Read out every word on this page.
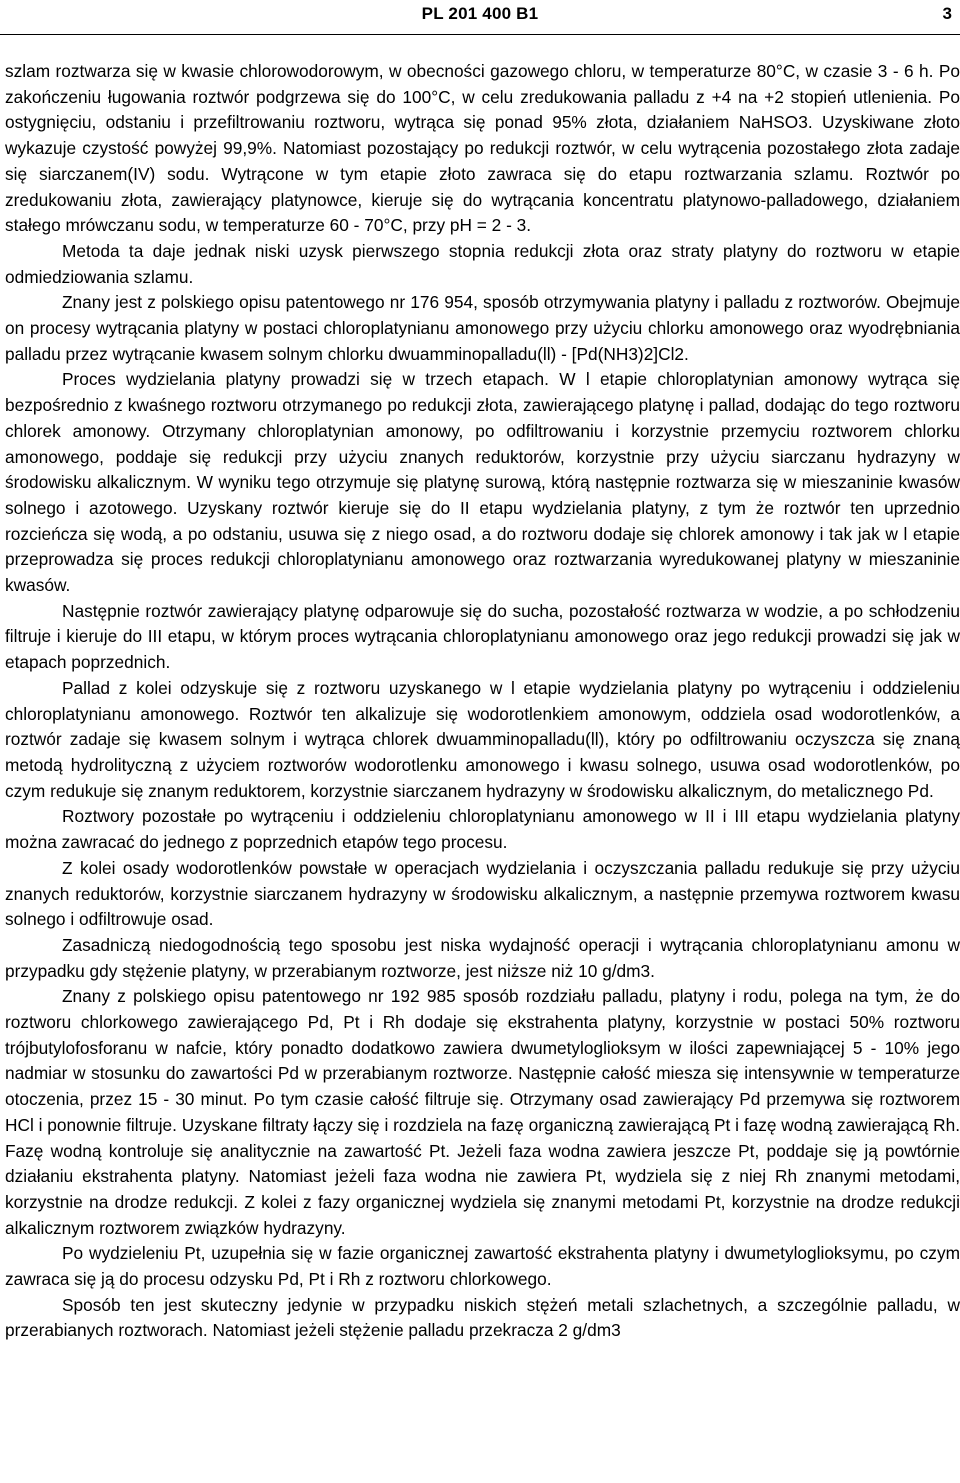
PL 201 400 B1	3

szlam roztwarza się w kwasie chlorowodorowym, w obecności gazowego chloru, w temperaturze 80°C, w czasie 3 - 6 h. Po zakończeniu ługowania roztwór podgrzewa się do 100°C, w celu zredukowania palladu z +4 na +2 stopień utlenienia. Po ostygnięciu, odstaniu i przefiltrowaniu roztworu, wytrąca się ponad 95% złota, działaniem NaHSO3. Uzyskiwane złoto wykazuje czystość powyżej 99,9%. Natomiast pozostający po redukcji roztwór, w celu wytrącenia pozostałego złota zadaje się siarczanem(IV) sodu. Wytrącone w tym etapie złoto zawraca się do etapu roztwarzania szlamu. Roztwór po zredukowaniu złota, zawierający platynowce, kieruje się do wytrącania koncentratu platynowo-palladowego, działaniem stałego mrówczanu sodu, w temperaturze 60 - 70°C, przy pH = 2 - 3.

Metoda ta daje jednak niski uzysk pierwszego stopnia redukcji złota oraz straty platyny do roztworu w etapie odmiedziowania szlamu.

Znany jest z polskiego opisu patentowego nr 176 954, sposób otrzymywania platyny i palladu z roztworów. Obejmuje on procesy wytrącania platyny w postaci chloroplatynianu amonowego przy użyciu chlorku amonowego oraz wyodrębniania palladu przez wytrącanie kwasem solnym chlorku dwuamminopalladu(ll) - [Pd(NH3)2]Cl2.

Proces wydzielania platyny prowadzi się w trzech etapach. W l etapie chloroplatynian amonowy wytrąca się bezpośrednio z kwaśnego roztworu otrzymanego po redukcji złota, zawierającego platynę i pallad, dodając do tego roztworu chlorek amonowy. Otrzymany chloroplatynian amonowy, po odfiltrowaniu i korzystnie przemyciu roztworem chlorku amonowego, poddaje się redukcji przy użyciu znanych reduktorów, korzystnie przy użyciu siarczanu hydrazyny w środowisku alkalicznym. W wyniku tego otrzymuje się platynę surową, którą następnie roztwarza się w mieszaninie kwasów solnego i azotowego. Uzyskany roztwór kieruje się do II etapu wydzielania platyny, z tym że roztwór ten uprzednio rozcieńcza się wodą, a po odstaniu, usuwa się z niego osad, a do roztworu dodaje się chlorek amonowy i tak jak w l etapie przeprowadza się proces redukcji chloroplatynianu amonowego oraz roztwarzania wyredukowanej platyny w mieszaninie kwasów.

Następnie roztwór zawierający platynę odparowuje się do sucha, pozostałość roztwarza w wodzie, a po schłodzeniu filtruje i kieruje do III etapu, w którym proces wytrącania chloroplatynianu amonowego oraz jego redukcji prowadzi się jak w etapach poprzednich.

Pallad z kolei odzyskuje się z roztworu uzyskanego w l etapie wydzielania platyny po wytrąceniu i oddzieleniu chloroplatynianu amonowego. Roztwór ten alkalizuje się wodorotlenkiem amonowym, oddziela osad wodorotlenków, a roztwór zadaje się kwasem solnym i wytrąca chlorek dwuamminopalladu(ll), który po odfiltrowaniu oczyszcza się znaną metodą hydrolityczną z użyciem roztworów wodorotlenku amonowego i kwasu solnego, usuwa osad wodorotlenków, po czym redukuje się znanym reduktorem, korzystnie siarczanem hydrazyny w środowisku alkalicznym, do metalicznego Pd.

Roztwory pozostałe po wytrąceniu i oddzieleniu chloroplatynianu amonowego w II i III etapu wydzielania platyny można zawracać do jednego z poprzednich etapów tego procesu.

Z kolei osady wodorotlenków powstałe w operacjach wydzielania i oczyszczania palladu redukuje się przy użyciu znanych reduktorów, korzystnie siarczanem hydrazyny w środowisku alkalicznym, a następnie przemywa roztworem kwasu solnego i odfiltrowuje osad.

Zasadniczą niedogodnością tego sposobu jest niska wydajność operacji i wytrącania chloroplatynianu amonu w przypadku gdy stężenie platyny, w przerabianym roztworze, jest niższe niż 10 g/dm3.

Znany z polskiego opisu patentowego nr 192 985 sposób rozdziału palladu, platyny i rodu, polega na tym, że do roztworu chlorkowego zawierającego Pd, Pt i Rh dodaje się ekstrahenta platyny, korzystnie w postaci 50% roztworu trójbutylofosforanu w nafcie, który ponadto dodatkowo zawiera dwumetyloglioksym w ilości zapewniającej 5 - 10% jego nadmiar w stosunku do zawartości Pd w przerabianym roztworze. Następnie całość miesza się intensywnie w temperaturze otoczenia, przez 15 - 30 minut. Po tym czasie całość filtruje się. Otrzymany osad zawierający Pd przemywa się roztworem HCl i ponownie filtruje. Uzyskane filtraty łączy się i rozdziela na fazę organiczną zawierającą Pt i fazę wodną zawierającą Rh. Fazę wodną kontroluje się analitycznie na zawartość Pt. Jeżeli faza wodna zawiera jeszcze Pt, poddaje się ją powtórnie działaniu ekstrahenta platyny. Natomiast jeżeli faza wodna nie zawiera Pt, wydziela się z niej Rh znanymi metodami, korzystnie na drodze redukcji. Z kolei z fazy organicznej wydziela się znanymi metodami Pt, korzystnie na drodze redukcji alkalicznym roztworem związków hydrazyny.

Po wydzieleniu Pt, uzupełnia się w fazie organicznej zawartość ekstrahenta platyny i dwumetyloglioksymu, po czym zawraca się ją do procesu odzysku Pd, Pt i Rh z roztworu chlorkowego.

Sposób ten jest skuteczny jedynie w przypadku niskich stężeń metali szlachetnych, a szczególnie palladu, w przerabianych roztworach. Natomiast jeżeli stężenie palladu przekracza 2 g/dm3
